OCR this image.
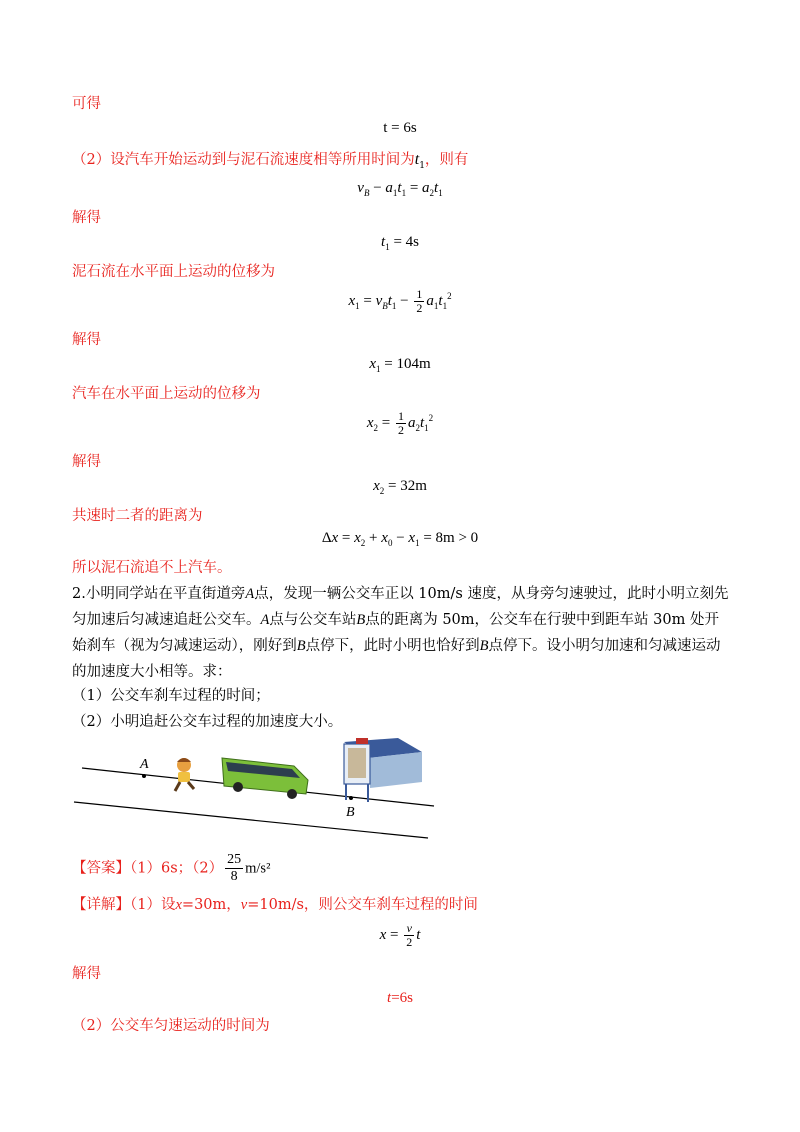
可得
t = 6s
（2）设汽车开始运动到与泥石流速度相等所用时间为$t_1$，则有
$v_B - a_1t_1 = a_2t_1$
解得
$t_1 = 4s$
泥石流在水平面上运动的位移为
$x_1 = v_Bt_1 - \frac{1}{2} a_1t_1^2$
解得
$x_1 = 104m$
汽车在水平面上运动的位移为
$x_2 = \frac{1}{2} a_2t_1^2$
解得
$x_2 = 32m$
共速时二者的距离为
$\Delta x = x_2 + x_0 - x_1 = 8m > 0$
所以泥石流追不上汽车。
2.小明同学站在平直街道旁A点，发现一辆公交车正以 10m/s 速度，从身旁匀速驶过，此时小明立刻先匀加速后匀减速追赶公交车。A点与公交车站B点的距离为 50m，公交车在行驶中到距车站 30m 处开始刹车（视为匀减速运动），刚好到B点停下，此时小明也恰好到B点停下。设小明匀加速和匀减速运动的加速度大小相等。求：
（1）公交车刹车过程的时间；
（2）小明追赶公交车过程的加速度大小。
A
B
【答案】（1）6s；$(2) \frac{25}{8} m/s^2$
【详解】（1）设x=30m，v=10m/s，则公交车刹车过程的时间
$x = \frac{v}{2}$ t
解得
t=6s
（2）公交车匀速运动的时间为
